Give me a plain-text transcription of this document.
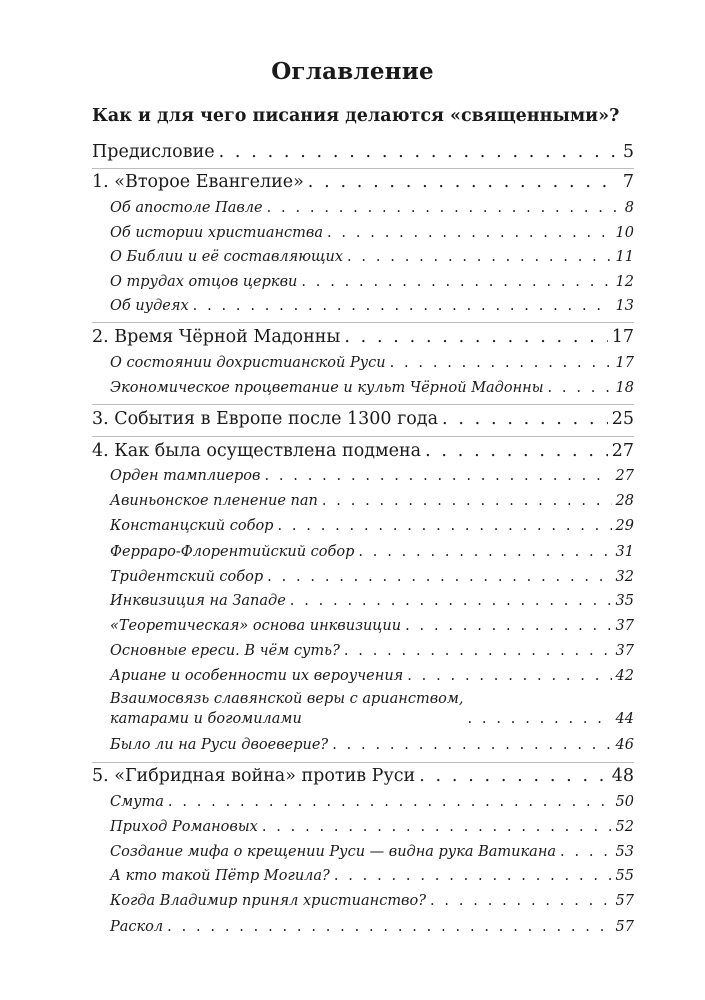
Оглавление
Как и для чего писания делаются «священными»?
Предисловие . . .	5
1. «Второе Евангелие» . . .	7
Об апостоле Павле . . .	8
Об истории христианства . . .	10
О Библии и её составляющих . . .	11
О трудах отцов церкви . . .	12
Об иудеях . . .	13
2. Время Чёрной Мадонны . . .	17
О состоянии дохристианской Руси . . .	17
Экономическое процветание и культ Чёрной Мадонны . . .	18
3. События в Европе после 1300 года . . .	25
4. Как была осуществлена подмена . . .	27
Орден тамплиеров . . .	27
Авиньонское пленение пап . . .	28
Констанцский собор . . .	29
Ферраро-Флорентийский собор . . .	31
Тридентский собор . . .	32
Инквизиция на Западе . . .	35
«Теоретическая» основа инквизиции . . .	37
Основные ереси. В чём суть? . . .	37
Ариане и особенности их вероучения . . .	42
Взаимосвязь славянской веры с арианством,
катарами и богомилами . . .	44
Было ли на Руси двоеверие? . . .	46
5. «Гибридная война» против Руси . . .	48
Смута . . .	50
Приход Романовых . . .	52
Создание мифа о крещении Руси — видна рука Ватикана . . .	53
А кто такой Пётр Могила? . . .	55
Когда Владимир принял христианство? . . .	57
Раскол . . .	57
